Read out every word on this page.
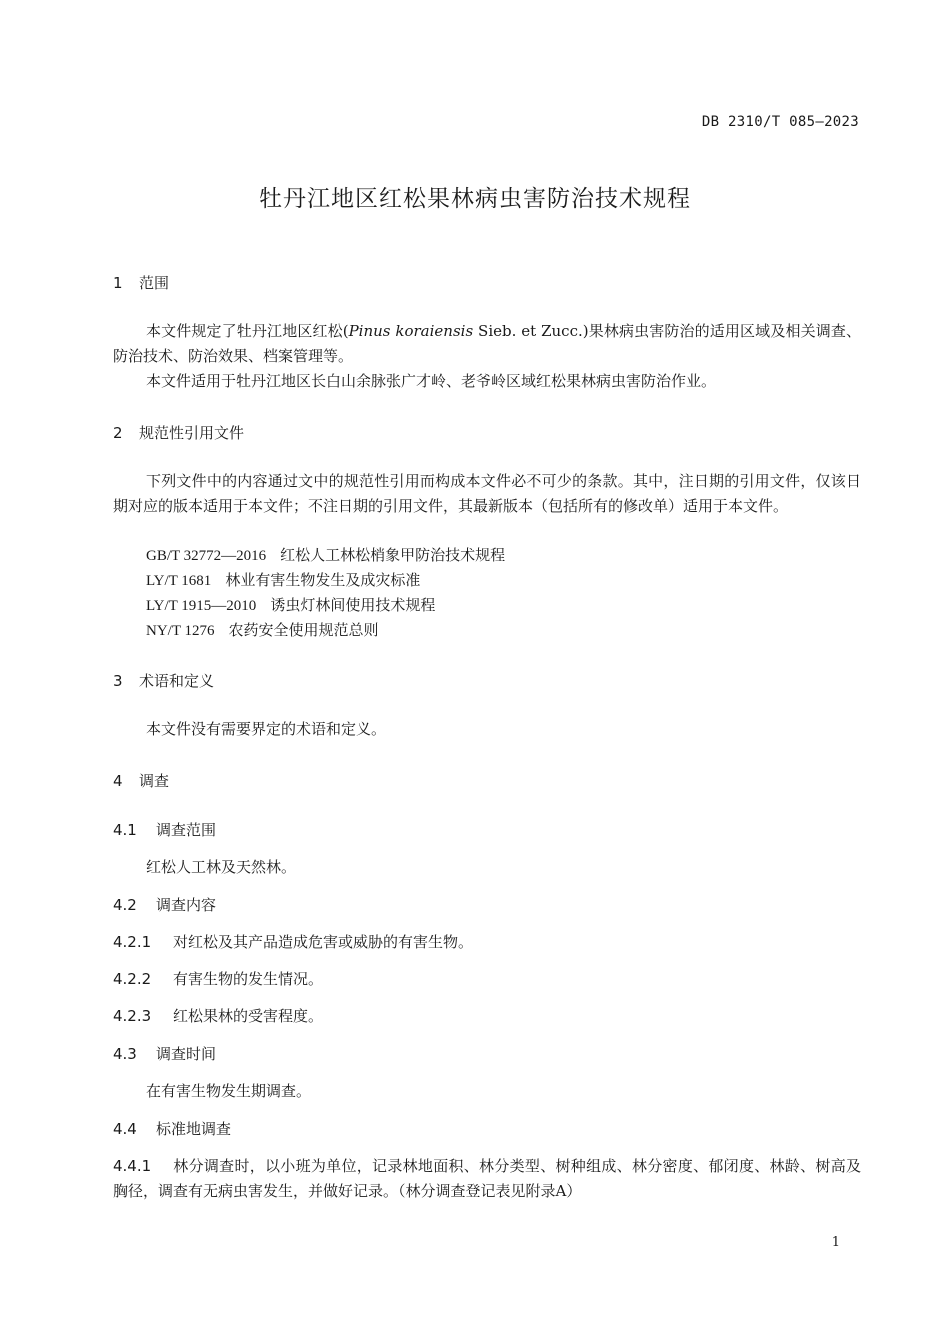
DB 2310/T 085—2023
牡丹江地区红松果林病虫害防治技术规程
1 范围
本文件规定了牡丹江地区红松(Pinus koraiensis Sieb. et Zucc.)果林病虫害防治的适用区域及相关调查、防治技术、防治效果、档案管理等。
本文件适用于牡丹江地区长白山余脉张广才岭、老爷岭区域红松果林病虫害防治作业。
2 规范性引用文件
下列文件中的内容通过文中的规范性引用而构成本文件必不可少的条款。其中，注日期的引用文件，仅该日期对应的版本适用于本文件；不注日期的引用文件，其最新版本（包括所有的修改单）适用于本文件。
GB/T 32772—2016 红松人工林松梢象甲防治技术规程
LY/T 1681 林业有害生物发生及成灾标准
LY/T 1915—2010 诱虫灯林间使用技术规程
NY/T 1276 农药安全使用规范总则
3 术语和定义
本文件没有需要界定的术语和定义。
4 调查
4.1 调查范围
红松人工林及天然林。
4.2 调查内容
4.2.1 对红松及其产品造成危害或威胁的有害生物。
4.2.2 有害生物的发生情况。
4.2.3 红松果林的受害程度。
4.3 调查时间
在有害生物发生期调查。
4.4 标准地调查
4.4.1 林分调查时，以小班为单位，记录林地面积、林分类型、树种组成、林分密度、郁闭度、林龄、树高及胸径，调查有无病虫害发生，并做好记录。（林分调查登记表见附录A）
1
